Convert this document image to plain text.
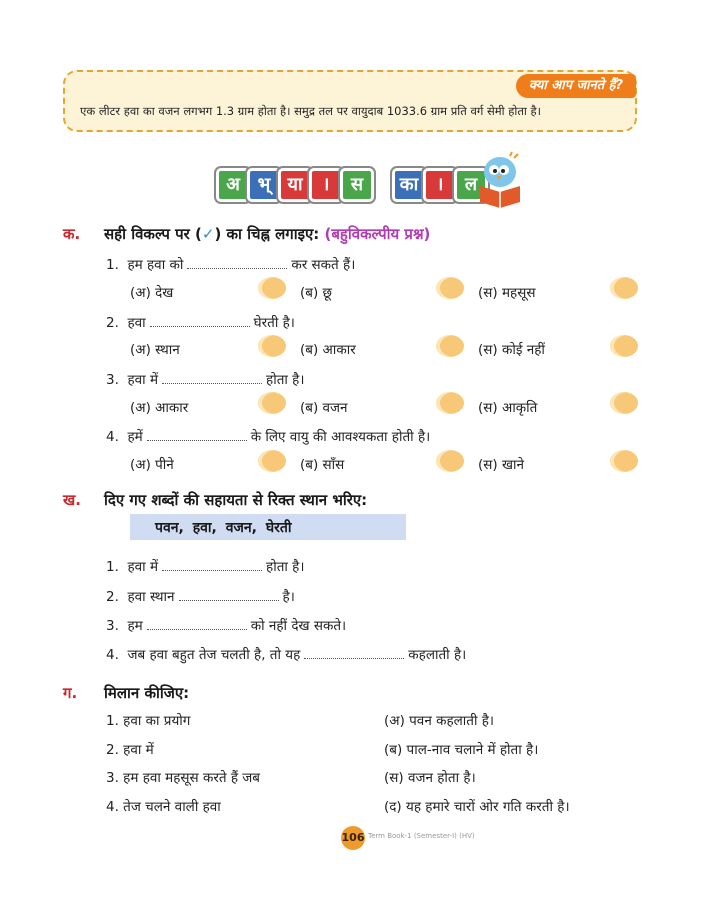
क्या आप जानते हैं?
एक लीटर हवा का वजन लगभग 1.3 ग्राम होता है। समुद्र तल पर वायुदाब 1033.6 ग्राम प्रति वर्ग सेमी होता है।
अ भ् या	।	स	का	।	ल
क. सही विकल्प पर (✓) का चिह्न लगाइए: (बहुविकल्पीय प्रश्न)
1. हम हवा को	कर सकते हैं।
(अ) देख	(ब) छू	(स) महसूस
2. हवा	घेरती है।
(अ) स्थान	(ब) आकार	(स) कोई नहीं
3. हवा में	होता है।
(अ) आकार	(ब) वजन	(स) आकृति
4. हमें	के लिए वायु की आवश्यकता होती है।
(अ) पीने	(ब) साँस	(स) खाने
ख. दिए गए शब्दों की सहायता से रिक्त स्थान भरिए:
पवन, हवा, वजन, घेरती
1. हवा में	होता है।
2. हवा स्थान	है।
3. हम	को नहीं देख सकते।
4. जब हवा बहुत तेज चलती है, तो यह	कहलाती है।
ग. मिलान कीजिए:
1. हवा का प्रयोग	(अ) पवन कहलाती है।
2. हवा में	(ब) पाल-नाव चलाने में होता है।
3. हम हवा महसूस करते हैं जब	(स) वजन होता है।
4. तेज चलने वाली हवा	(द) यह हमारे चारों ओर गति करती है।
106 Term Book-1 (Semester-I) (HV)
